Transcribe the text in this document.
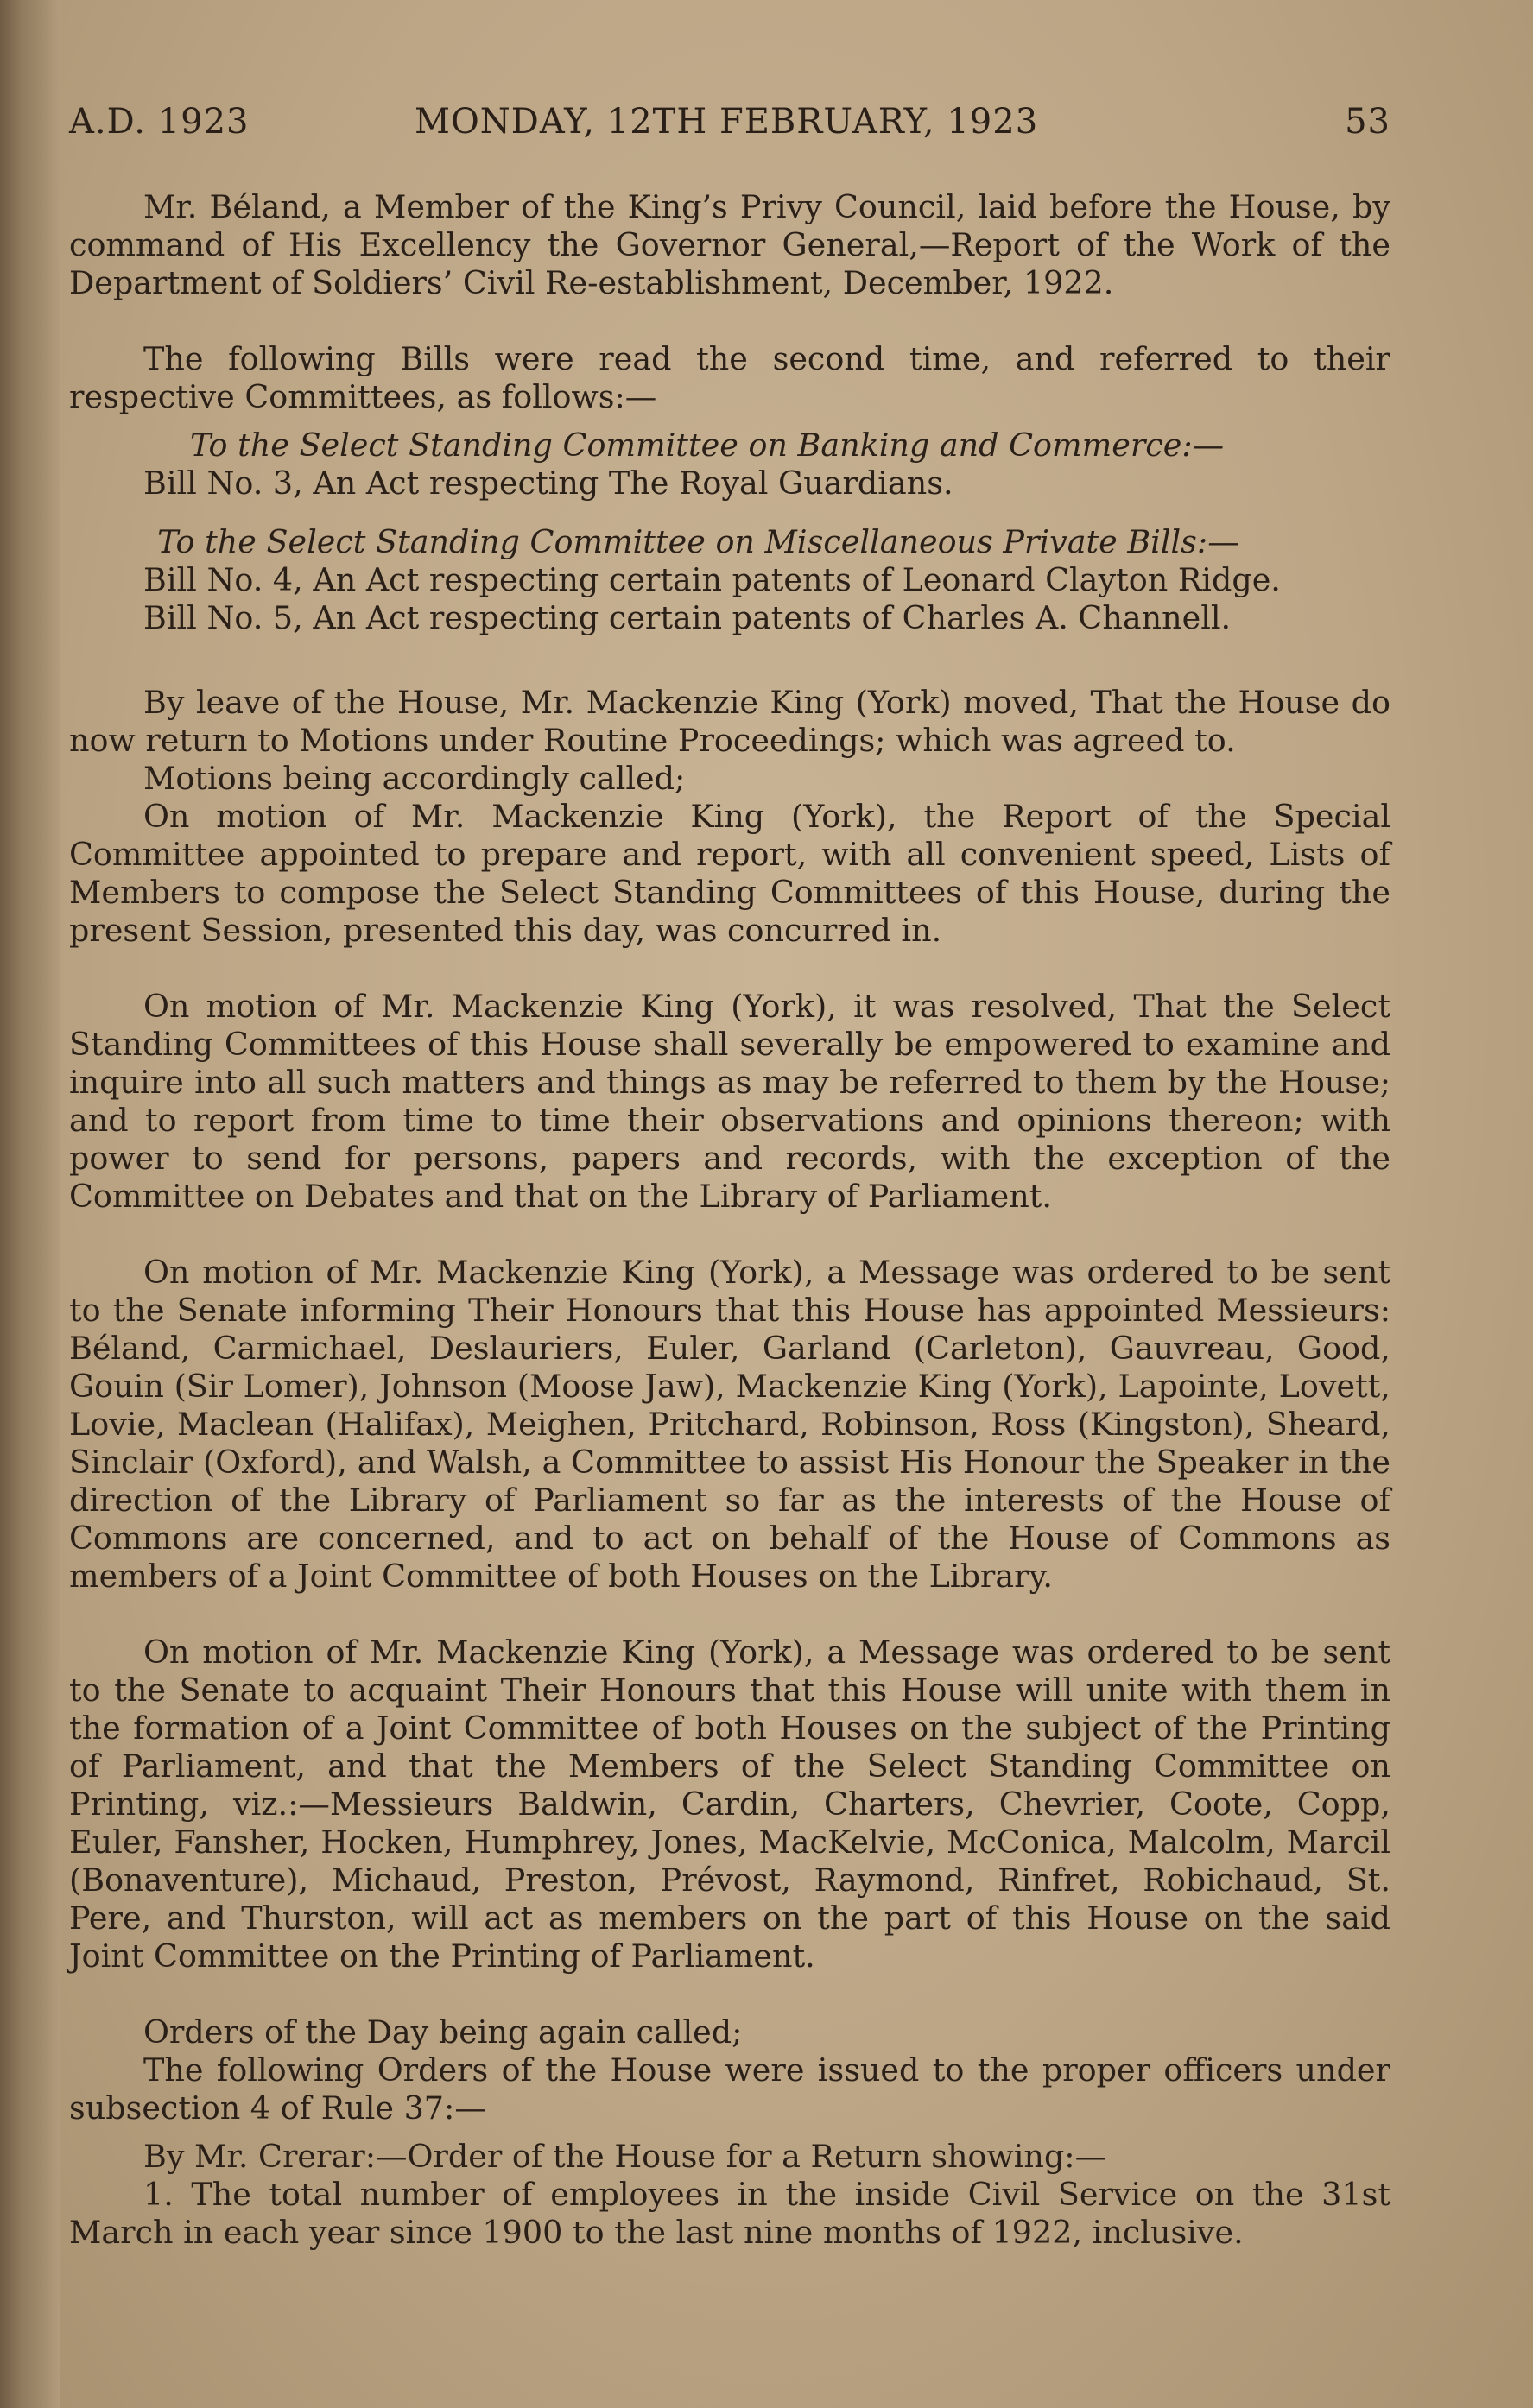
A.D. 1923	MONDAY, 12TH FEBRUARY, 1923	53

Mr. Béland, a Member of the King’s Privy Council, laid before the House, by command of His Excellency the Governor General,—Report of the Work of the Department of Soldiers’ Civil Re-establishment, December, 1922.

The following Bills were read the second time, and referred to their respective Committees, as follows:—

To the Select Standing Committee on Banking and Commerce:—
Bill No. 3, An Act respecting The Royal Guardians.
To the Select Standing Committee on Miscellaneous Private Bills:—
Bill No. 4, An Act respecting certain patents of Leonard Clayton Ridge.
Bill No. 5, An Act respecting certain patents of Charles A. Channell.

By leave of the House, Mr. Mackenzie King (York) moved, That the House do now return to Motions under Routine Proceedings; which was agreed to.

Motions being accordingly called;

On motion of Mr. Mackenzie King (York), the Report of the Special Committee appointed to prepare and report, with all convenient speed, Lists of Members to compose the Select Standing Committees of this House, during the present Session, presented this day, was concurred in.

On motion of Mr. Mackenzie King (York), it was resolved, That the Select Standing Committees of this House shall severally be empowered to examine and inquire into all such matters and things as may be referred to them by the House; and to report from time to time their observations and opinions thereon; with power to send for persons, papers and records, with the exception of the Committee on Debates and that on the Library of Parliament.

On motion of Mr. Mackenzie King (York), a Message was ordered to be sent to the Senate informing Their Honours that this House has appointed Messieurs: Béland, Carmichael, Deslauriers, Euler, Garland (Carleton), Gauvreau, Good, Gouin (Sir Lomer), Johnson (Moose Jaw), Mackenzie King (York), Lapointe, Lovett, Lovie, Maclean (Halifax), Meighen, Pritchard, Robinson, Ross (Kingston), Sheard, Sinclair (Oxford), and Walsh, a Committee to assist His Honour the Speaker in the direction of the Library of Parliament so far as the interests of the House of Commons are concerned, and to act on behalf of the House of Commons as members of a Joint Committee of both Houses on the Library.

On motion of Mr. Mackenzie King (York), a Message was ordered to be sent to the Senate to acquaint Their Honours that this House will unite with them in the formation of a Joint Committee of both Houses on the subject of the Printing of Parliament, and that the Members of the Select Standing Committee on Printing, viz.:—Messieurs Baldwin, Cardin, Charters, Chevrier, Coote, Copp, Euler, Fansher, Hocken, Humphrey, Jones, MacKelvie, McConica, Malcolm, Marcil (Bonaventure), Michaud, Preston, Prévost, Raymond, Rinfret, Robichaud, St. Pere, and Thurston, will act as members on the part of this House on the said Joint Committee on the Printing of Parliament.

Orders of the Day being again called;

The following Orders of the House were issued to the proper officers under subsection 4 of Rule 37:—

By Mr. Crerar:—Order of the House for a Return showing:—

1. The total number of employees in the inside Civil Service on the 31st March in each year since 1900 to the last nine months of 1922, inclusive.
